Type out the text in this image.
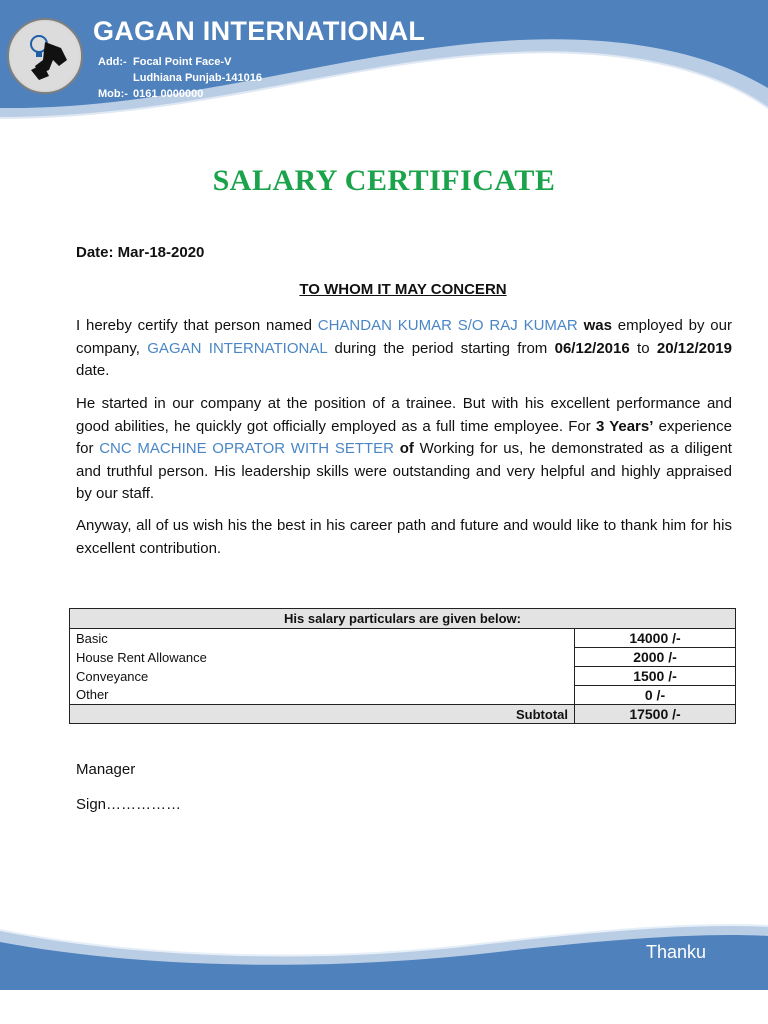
GAGAN INTERNATIONAL
Add:- Focal Point Face-V
Ludhiana Punjab-141016
Mob:- 0161 0000000
SALARY CERTIFICATE
Date: Mar-18-2020
TO WHOM IT MAY CONCERN

I hereby certify that person named CHANDAN KUMAR S/O RAJ KUMAR was employed by our company, GAGAN INTERNATIONAL during the period starting from 06/12/2016 to 20/12/2019 date.

He started in our company at the position of a trainee. But with his excellent performance and good abilities, he quickly got officially employed as a full time employee. For 3 Years’ experience for CNC MACHINE OPRATOR WITH SETTER of Working for us, he demonstrated as a diligent and truthful person. His leadership skills were outstanding and very helpful and highly appraised by our staff.

Anyway, all of us wish his the best in his career path and future and would like to thank him for his excellent contribution.

His salary particulars are given below:	
Basic	14000 /-
House Rent Allowance	2000 /-
Conveyance	1500 /-
Other	0 /-
Subtotal	17500 /-
Manager
Sign……………
Thanku
